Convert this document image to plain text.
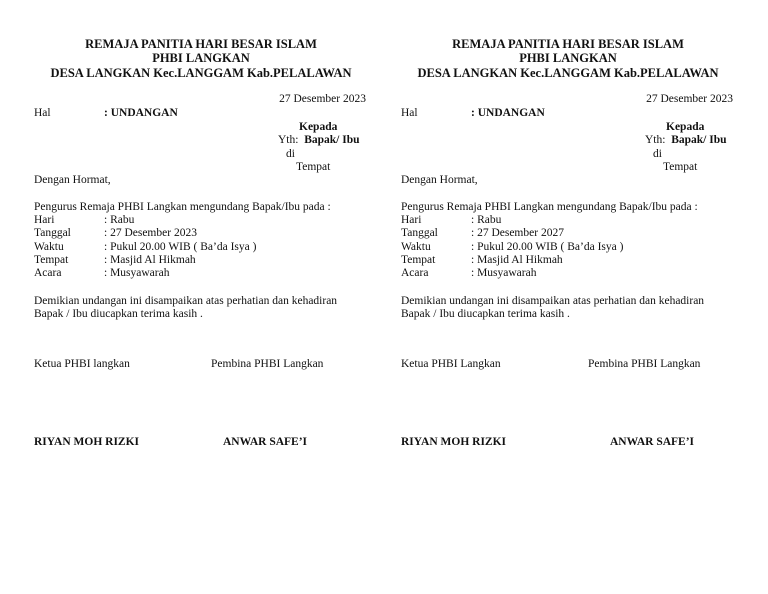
REMAJA PANITIA HARI BESAR ISLAM
PHBI LANGKAN
DESA LANGKAN Kec.LANGGAM Kab.PELALAWAN
27 Desember 2023
Hal	: UNDANGAN
Kepada
Yth: Bapak/ Ibu
di
Tempat
Dengan Hormat,
Pengurus Remaja PHBI Langkan mengundang Bapak/Ibu pada :
Hari	: Rabu
Tanggal	: 27 Desember 2023
Waktu	: Pukul 20.00 WIB ( Ba’da Isya )
Tempat	: Masjid Al Hikmah
Acara	: Musyawarah
Demikian undangan ini disampaikan atas perhatian dan kehadiran
Bapak / Ibu diucapkan terima kasih .
Ketua PHBI langkan	Pembina PHBI Langkan
RIYAN MOH RIZKI	ANWAR SAFE’I
REMAJA PANITIA HARI BESAR ISLAM
PHBI LANGKAN
DESA LANGKAN Kec.LANGGAM Kab.PELALAWAN
27 Desember 2023
Hal	: UNDANGAN
Kepada
Yth: Bapak/ Ibu
di
Tempat
Dengan Hormat,
Pengurus Remaja PHBI Langkan mengundang Bapak/Ibu pada :
Hari	: Rabu
Tanggal	: 27 Desember 2027
Waktu	: Pukul 20.00 WIB ( Ba’da Isya )
Tempat	: Masjid Al Hikmah
Acara	: Musyawarah
Demikian undangan ini disampaikan atas perhatian dan kehadiran
Bapak / Ibu diucapkan terima kasih .
Ketua PHBI Langkan	Pembina PHBI Langkan
RIYAN MOH RIZKI	ANWAR SAFE’I
